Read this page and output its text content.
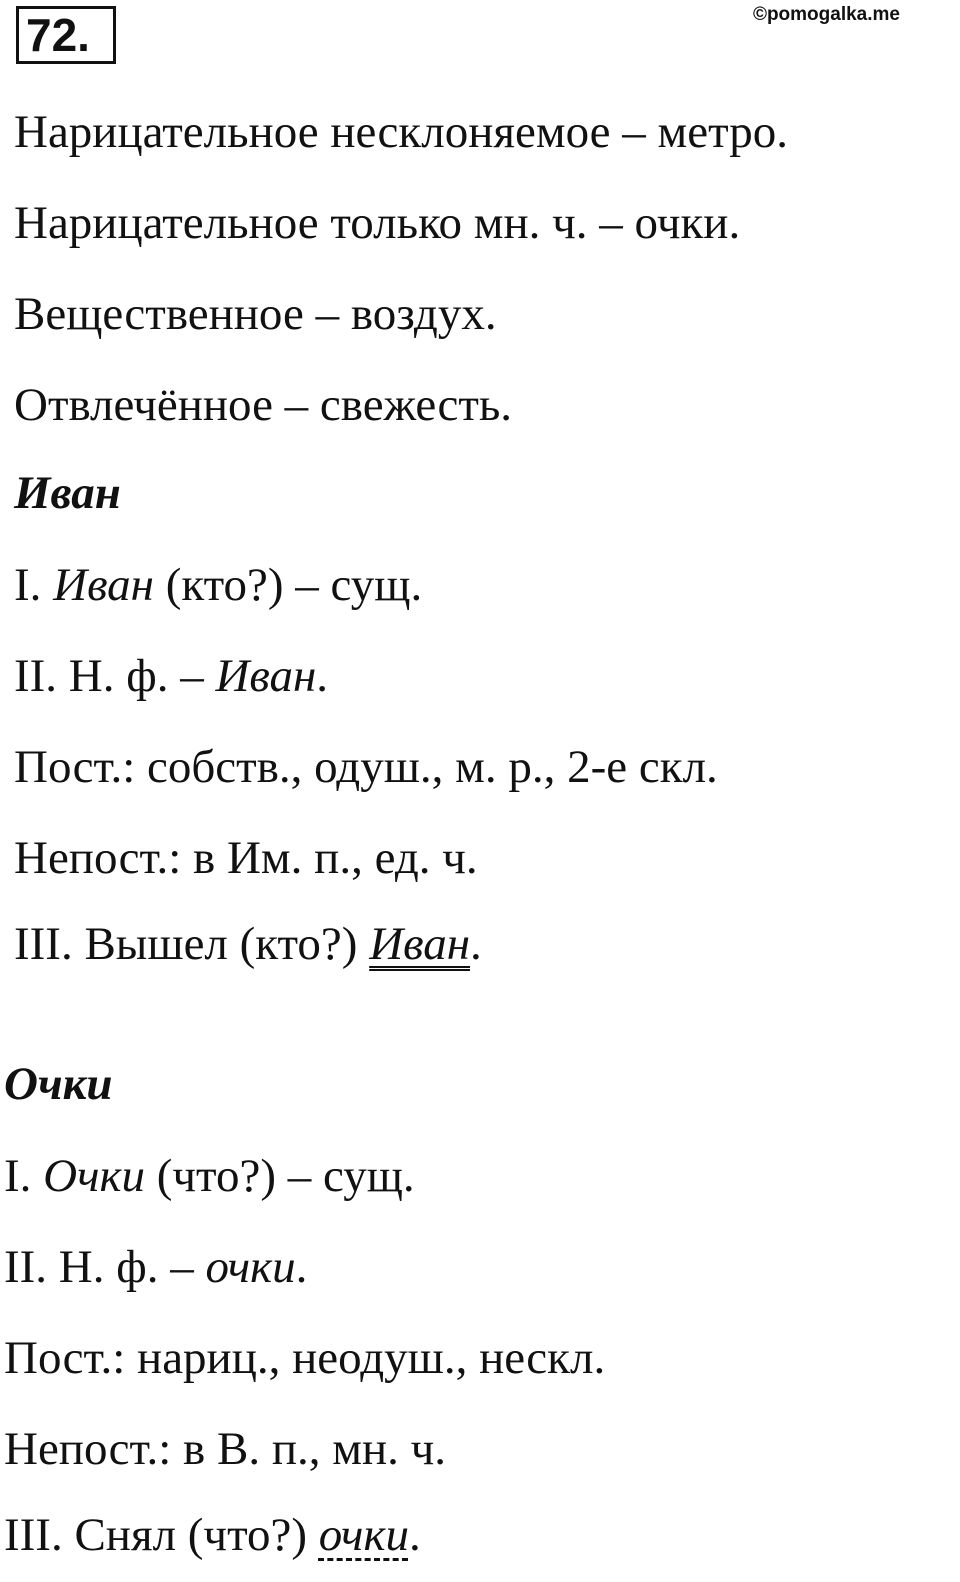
72.	©pomogalka.me
Нарицательное несклоняемое – метро.
Нарицательное только мн. ч. – очки.
Вещественное – воздух.
Отвлечённое – свежесть.
Иван
I. Иван (кто?) – сущ.
II. Н. ф. – Иван.
Пост.: собств., одуш., м. р., 2-е скл.
Непост.: в Им. п., ед. ч.
III. Вышел (кто?) Иван.
Очки
I. Очки (что?) – сущ.
II. Н. ф. – очки.
Пост.: нариц., неодуш., нескл.
Непост.: в В. п., мн. ч.
III. Снял (что?) очки.
